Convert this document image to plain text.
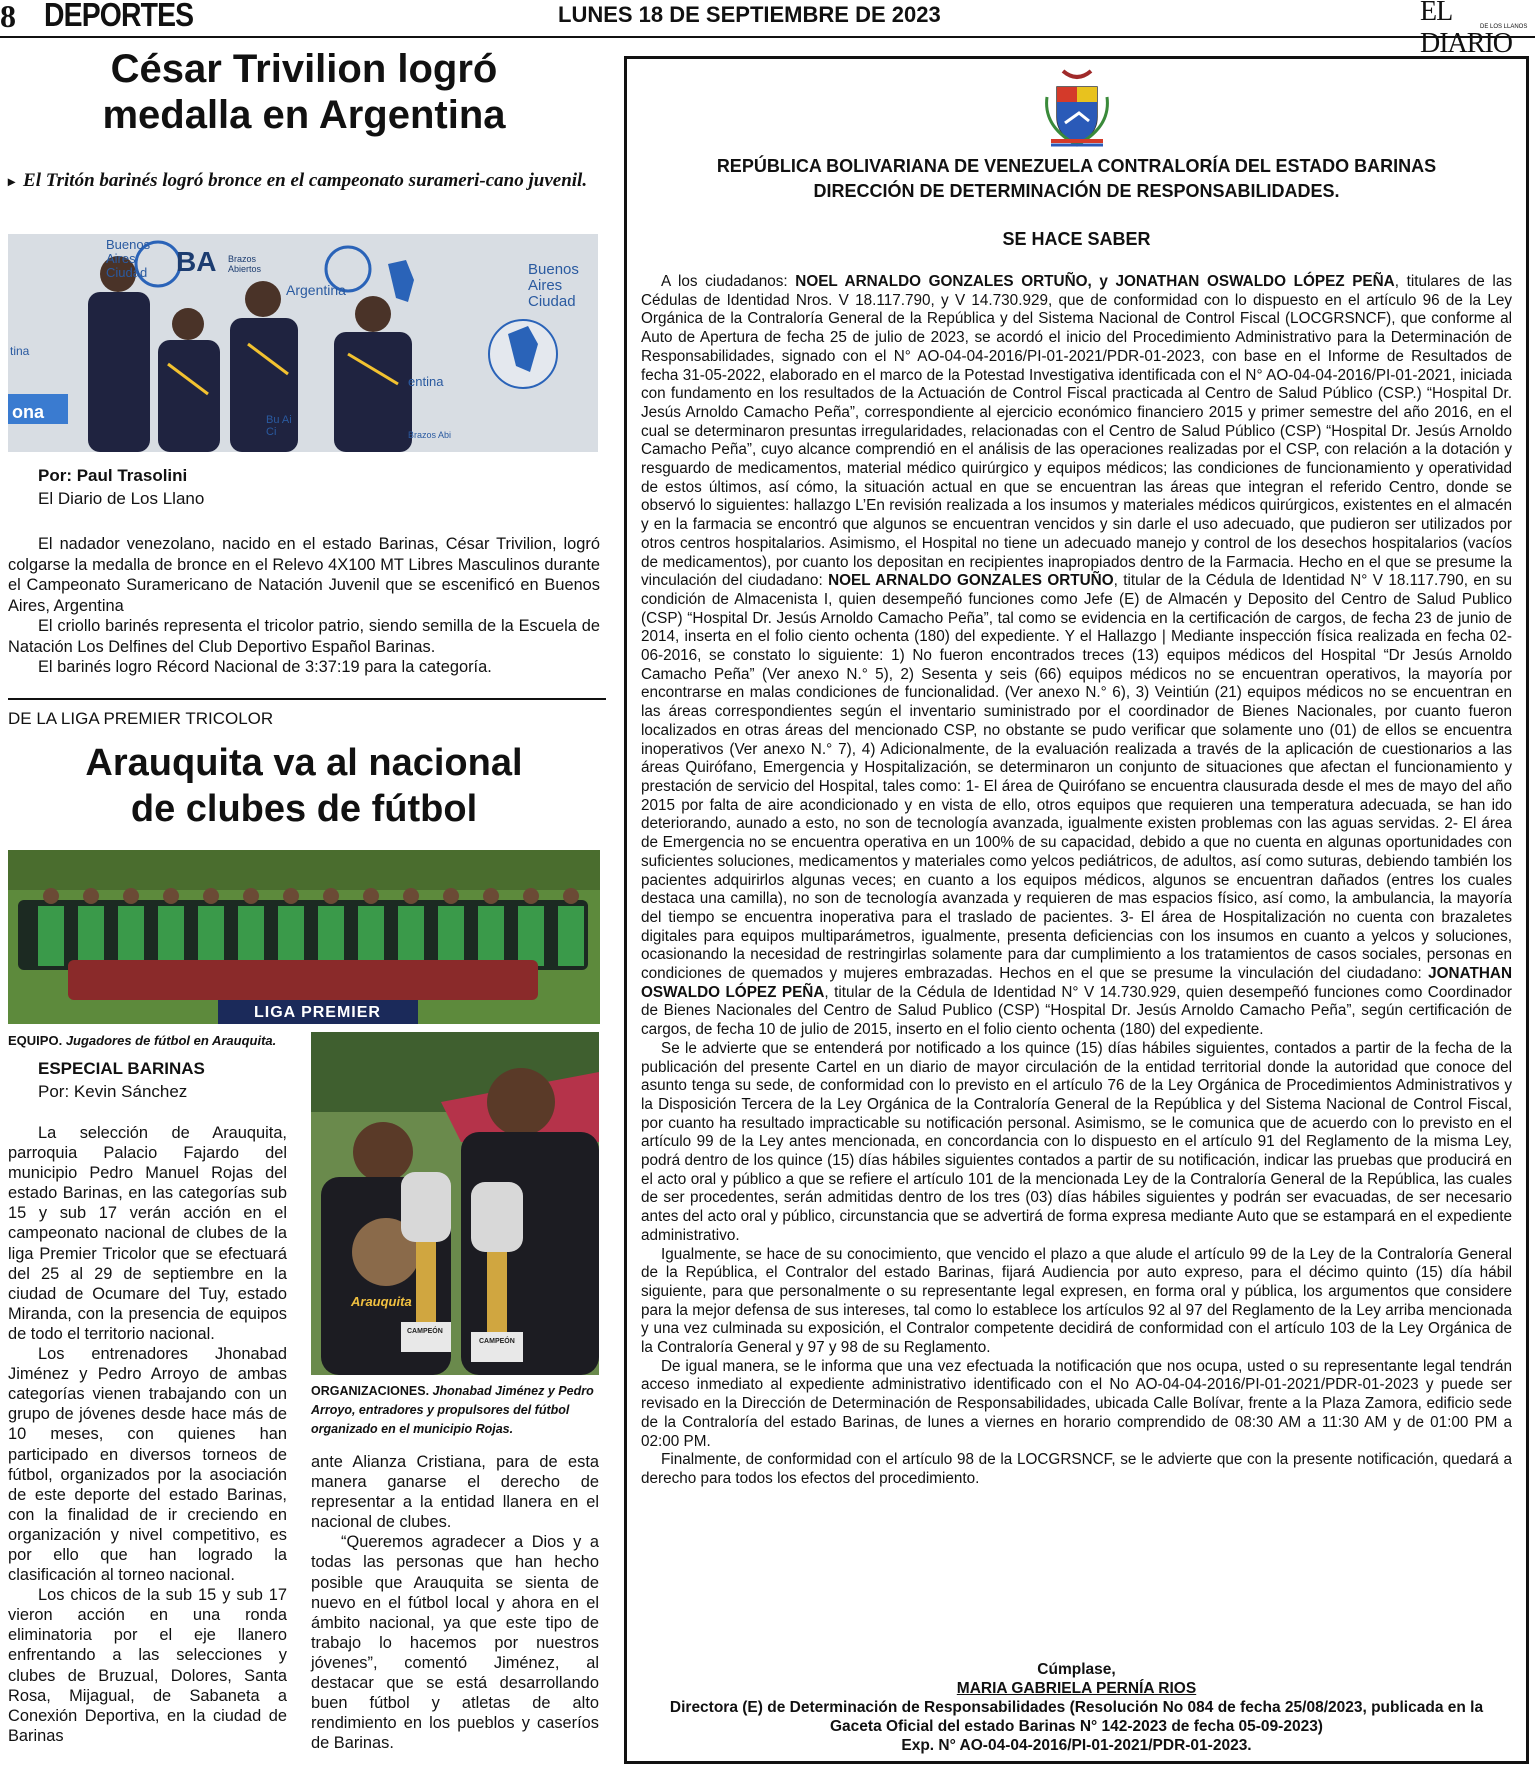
8 DEPORTES	LUNES 18 DE SEPTIEMBRE DE 2023	EL DIARIO
DE LOS LLANOS
César Trivilion logró
medalla en Argentina
▸ El Tritón barinés logró bronce en el campeonato surameri-cano juvenil.
Buenos Aires Ciudad	BA Brazos Abiertos
Argentina
Buenos Aires Ciudad
tina
ona	Bu Ai Ci	Brazos Abi
entina
Por: Paul Trasolini
El Diario de Los Llano

El nadador venezolano, nacido en el estado Barinas, César Trivilion, logró colgarse la medalla de bronce en el Relevo 4X100 MT Libres Masculinos durante el Campeonato Suramericano de Natación Juvenil que se escenificó en Buenos Aires, Argentina

El criollo barinés representa el tricolor patrio, siendo semilla de la Escuela de Natación Los Delfines del Club Deportivo Español Barinas.

El barinés logro Récord Nacional de 3:37:19 para la categoría.

DE LA LIGA PREMIER TRICOLOR
Arauquita va al nacional
de clubes de fútbol
LIGA PREMIER
EQUIPO. Jugadores de fútbol en Arauquita.
ESPECIAL BARINAS
Por: Kevin Sánchez

La selección de Arauquita, parroquia Palacio Fajardo del municipio Pedro Manuel Rojas del estado Barinas, en las categorías sub 15 y sub 17 verán acción en el campeonato nacional de clubes de la liga Premier Tricolor que se efectuará del 25 al 29 de septiembre en la ciudad de Ocumare del Tuy, estado Miranda, con la presencia de equipos de todo el territorio nacional.

Los entrenadores Jhonabad Jiménez y Pedro Arroyo de ambas categorías vienen trabajando con un grupo de jóvenes desde hace más de 10 meses, con quienes han participado en diversos torneos de fútbol, organizados por la asociación de este deporte del estado Barinas, con la finalidad de ir creciendo en organización y nivel competitivo, es por ello que han logrado la clasificación al torneo nacional.

Los chicos de la sub 15 y sub 17 vieron acción en una ronda eliminatoria por el eje llanero enfrentando a las selecciones y clubes de Bruzual, Dolores, Santa Rosa, Mijagual, de Sabaneta a Conexión Deportiva, en la ciudad de Barinas

Arauquita
CAMPEÓN
CAMPEÓN
ORGANIZACIONES. Jhonabad Jiménez y Pedro Arroyo, entradores y propulsores del fútbol organizado en el municipio Rojas.

ante Alianza Cristiana, para de esta manera ganarse el derecho de representar a la entidad llanera en el nacional de clubes.

“Queremos agradecer a Dios y a todas las personas que han hecho posible que Arauquita se sienta de nuevo en el fútbol local y ahora en el ámbito nacional, ya que este tipo de trabajo lo hacemos por nuestros jóvenes”, comentó Jiménez, al destacar que se está desarrollando buen fútbol y atletas de alto rendimiento en los pueblos y caseríos de Barinas.

REPÚBLICA BOLIVARIANA DE VENEZUELA CONTRALORÍA DEL ESTADO BARINAS
DIRECCIÓN DE DETERMINACIÓN DE RESPONSABILIDADES.
SE HACE SABER

A los ciudadanos: NOEL ARNALDO GONZALES ORTUÑO, y JONATHAN OSWALDO LÓPEZ PEÑA, titulares de las Cédulas de Identidad Nros. V 18.117.790, y V 14.730.929, que de conformidad con lo dispuesto en el artículo 96 de la Ley Orgánica de la Contraloría General de la República y del Sistema Nacional de Control Fiscal (LOCGRSNCF), que conforme al Auto de Apertura de fecha 25 de julio de 2023, se acordó el inicio del Procedimiento Administrativo para la Determinación de Responsabilidades, signado con el N° AO-04-04-2016/PI-01-2021/PDR-01-2023, con base en el Informe de Resultados de fecha 31-05-2022, elaborado en el marco de la Potestad Investigativa identificada con el N° AO-04-04-2016/PI-01-2021, iniciada con fundamento en los resultados de la Actuación de Control Fiscal practicada al Centro de Salud Público (CSP.) “Hospital Dr. Jesús Arnoldo Camacho Peña”, correspondiente al ejercicio económico financiero 2015 y primer semestre del año 2016, en el cual se determinaron presuntas irregularidades, relacionadas con el Centro de Salud Público (CSP) “Hospital Dr. Jesús Arnoldo Camacho Peña”, cuyo alcance comprendió en el análisis de las operaciones realizadas por el CSP, con relación a la dotación y resguardo de medicamentos, material médico quirúrgico y equipos médicos; las condiciones de funcionamiento y operatividad de estos últimos, así cómo, la situación actual en que se encuentran las áreas que integran el referido Centro, donde se observó lo siguientes: hallazgo L’En revisión realizada a los insumos y materiales médicos quirúrgicos, existentes en el almacén y en la farmacia se encontró que algunos se encuentran vencidos y sin darle el uso adecuado, que pudieron ser utilizados por otros centros hospitalarios. Asimismo, el Hospital no tiene un adecuado manejo y control de los desechos hospitalarios (vacíos de medicamentos), por cuanto los depositan en recipientes inapropiados dentro de la Farmacia. Hecho en el que se presume la vinculación del ciudadano: NOEL ARNALDO GONZALES ORTUÑO, titular de la Cédula de Identidad N° V 18.117.790, en su condición de Almacenista I, quien desempeñó funciones como Jefe (E) de Almacén y Deposito del Centro de Salud Publico (CSP) “Hospital Dr. Jesús Arnoldo Camacho Peña”, tal como se evidencia en la certificación de cargos, de fecha 23 de junio de 2014, inserta en el folio ciento ochenta (180) del expediente. Y el Hallazgo | Mediante inspección física realizada en fecha 02-06-2016, se constato lo siguiente: 1) No fueron encontrados treces (13) equipos médicos del Hospital “Dr Jesús Arnoldo Camacho Peña” (Ver anexo N.° 5), 2) Sesenta y seis (66) equipos médicos no se encuentran operativos, la mayoría por encontrarse en malas condiciones de funcionalidad. (Ver anexo N.° 6), 3) Veintiún (21) equipos médicos no se encuentran en las áreas correspondientes según el inventario suministrado por el coordinador de Bienes Nacionales, por cuanto fueron localizados en otras áreas del mencionado CSP, no obstante se pudo verificar que solamente uno (01) de ellos se encuentra inoperativos (Ver anexo N.° 7), 4) Adicionalmente, de la evaluación realizada a través de la aplicación de cuestionarios a las áreas Quirófano, Emergencia y Hospitalización, se determinaron un conjunto de situaciones que afectan el funcionamiento y prestación de servicio del Hospital, tales como: 1- El área de Quirófano se encuentra clausurada desde el mes de mayo del año 2015 por falta de aire acondicionado y en vista de ello, otros equipos que requieren una temperatura adecuada, se han ido deteriorando, aunado a esto, no son de tecnología avanzada, igualmente existen problemas con las aguas servidas. 2- El área de Emergencia no se encuentra operativa en un 100% de su capacidad, debido a que no cuenta en algunas oportunidades con suficientes soluciones, medicamentos y materiales como yelcos pediátricos, de adultos, así como suturas, debiendo también los pacientes adquirirlos algunas veces; en cuanto a los equipos médicos, algunos se encuentran dañados (entres los cuales destaca una camilla), no son de tecnología avanzada y requieren de mas espacios físico, así como, la ambulancia, la mayoría del tiempo se encuentra inoperativa para el traslado de pacientes. 3- El área de Hospitalización no cuenta con brazaletes digitales para equipos multiparámetros, igualmente, presenta deficiencias con los insumos en cuanto a yelcos y soluciones, ocasionando la necesidad de restringirlas solamente para dar cumplimiento a los tratamientos de casos sociales, personas en condiciones de quemados y mujeres embrazadas. Hechos en el que se presume la vinculación del ciudadano: JONATHAN OSWALDO LÓPEZ PEÑA, titular de la Cédula de Identidad N° V 14.730.929, quien desempeñó funciones como Coordinador de Bienes Nacionales del Centro de Salud Publico (CSP) “Hospital Dr. Jesús Arnoldo Camacho Peña”, según certificación de cargos, de fecha 10 de julio de 2015, inserto en el folio ciento ochenta (180) del expediente.

Se le advierte que se entenderá por notificado a los quince (15) días hábiles siguientes, contados a partir de la fecha de la publicación del presente Cartel en un diario de mayor circulación de la entidad territorial donde la autoridad que conoce del asunto tenga su sede, de conformidad con lo previsto en el artículo 76 de la Ley Orgánica de Procedimientos Administrativos y la Disposición Tercera de la Ley Orgánica de la Contraloría General de la República y del Sistema Nacional de Control Fiscal, por cuanto ha resultado impracticable su notificación personal. Asimismo, se le comunica que de acuerdo con lo previsto en el artículo 99 de la Ley antes mencionada, en concordancia con lo dispuesto en el artículo 91 del Reglamento de la misma Ley, podrá dentro de los quince (15) días hábiles siguientes contados a partir de su notificación, indicar las pruebas que producirá en el acto oral y público a que se refiere el artículo 101 de la mencionada Ley de la Contraloría General de la República, las cuales de ser procedentes, serán admitidas dentro de los tres (03) días hábiles siguientes y podrán ser evacuadas, de ser necesario antes del acto oral y público, circunstancia que se advertirá de forma expresa mediante Auto que se estampará en el expediente administrativo.

Igualmente, se hace de su conocimiento, que vencido el plazo a que alude el artículo 99 de la Ley de la Contraloría General de la República, el Contralor del estado Barinas, fijará Audiencia por auto expreso, para el décimo quinto (15) día hábil siguiente, para que personalmente o su representante legal expresen, en forma oral y pública, los argumentos que considere para la mejor defensa de sus intereses, tal como lo establece los artículos 92 al 97 del Reglamento de la Ley arriba mencionada y una vez culminada su exposición, el Contralor competente decidirá de conformidad con el artículo 103 de la Ley Orgánica de la Contraloría General y 97 y 98 de su Reglamento.

De igual manera, se le informa que una vez efectuada la notificación que nos ocupa, usted o su representante legal tendrán acceso inmediato al expediente administrativo identificado con el No AO-04-04-2016/PI-01-2021/PDR-01-2023 y puede ser revisado en la Dirección de Determinación de Responsabilidades, ubicada Calle Bolívar, frente a la Plaza Zamora, edificio sede de la Contraloría del estado Barinas, de lunes a viernes en horario comprendido de 08:30 AM a 11:30 AM y de 01:00 PM a 02:00 PM.

Finalmente, de conformidad con el artículo 98 de la LOCGRSNCF, se le advierte que con la presente notificación, quedará a derecho para todos los efectos del procedimiento.

Cúmplase,
MARIA GABRIELA PERNÍA RIOS
Directora (E) de Determinación de Responsabilidades (Resolución No 084 de fecha 25/08/2023, publicada en la Gaceta Oficial del estado Barinas N° 142-2023 de fecha 05-09-2023)
Exp. N° AO-04-04-2016/PI-01-2021/PDR-01-2023.
